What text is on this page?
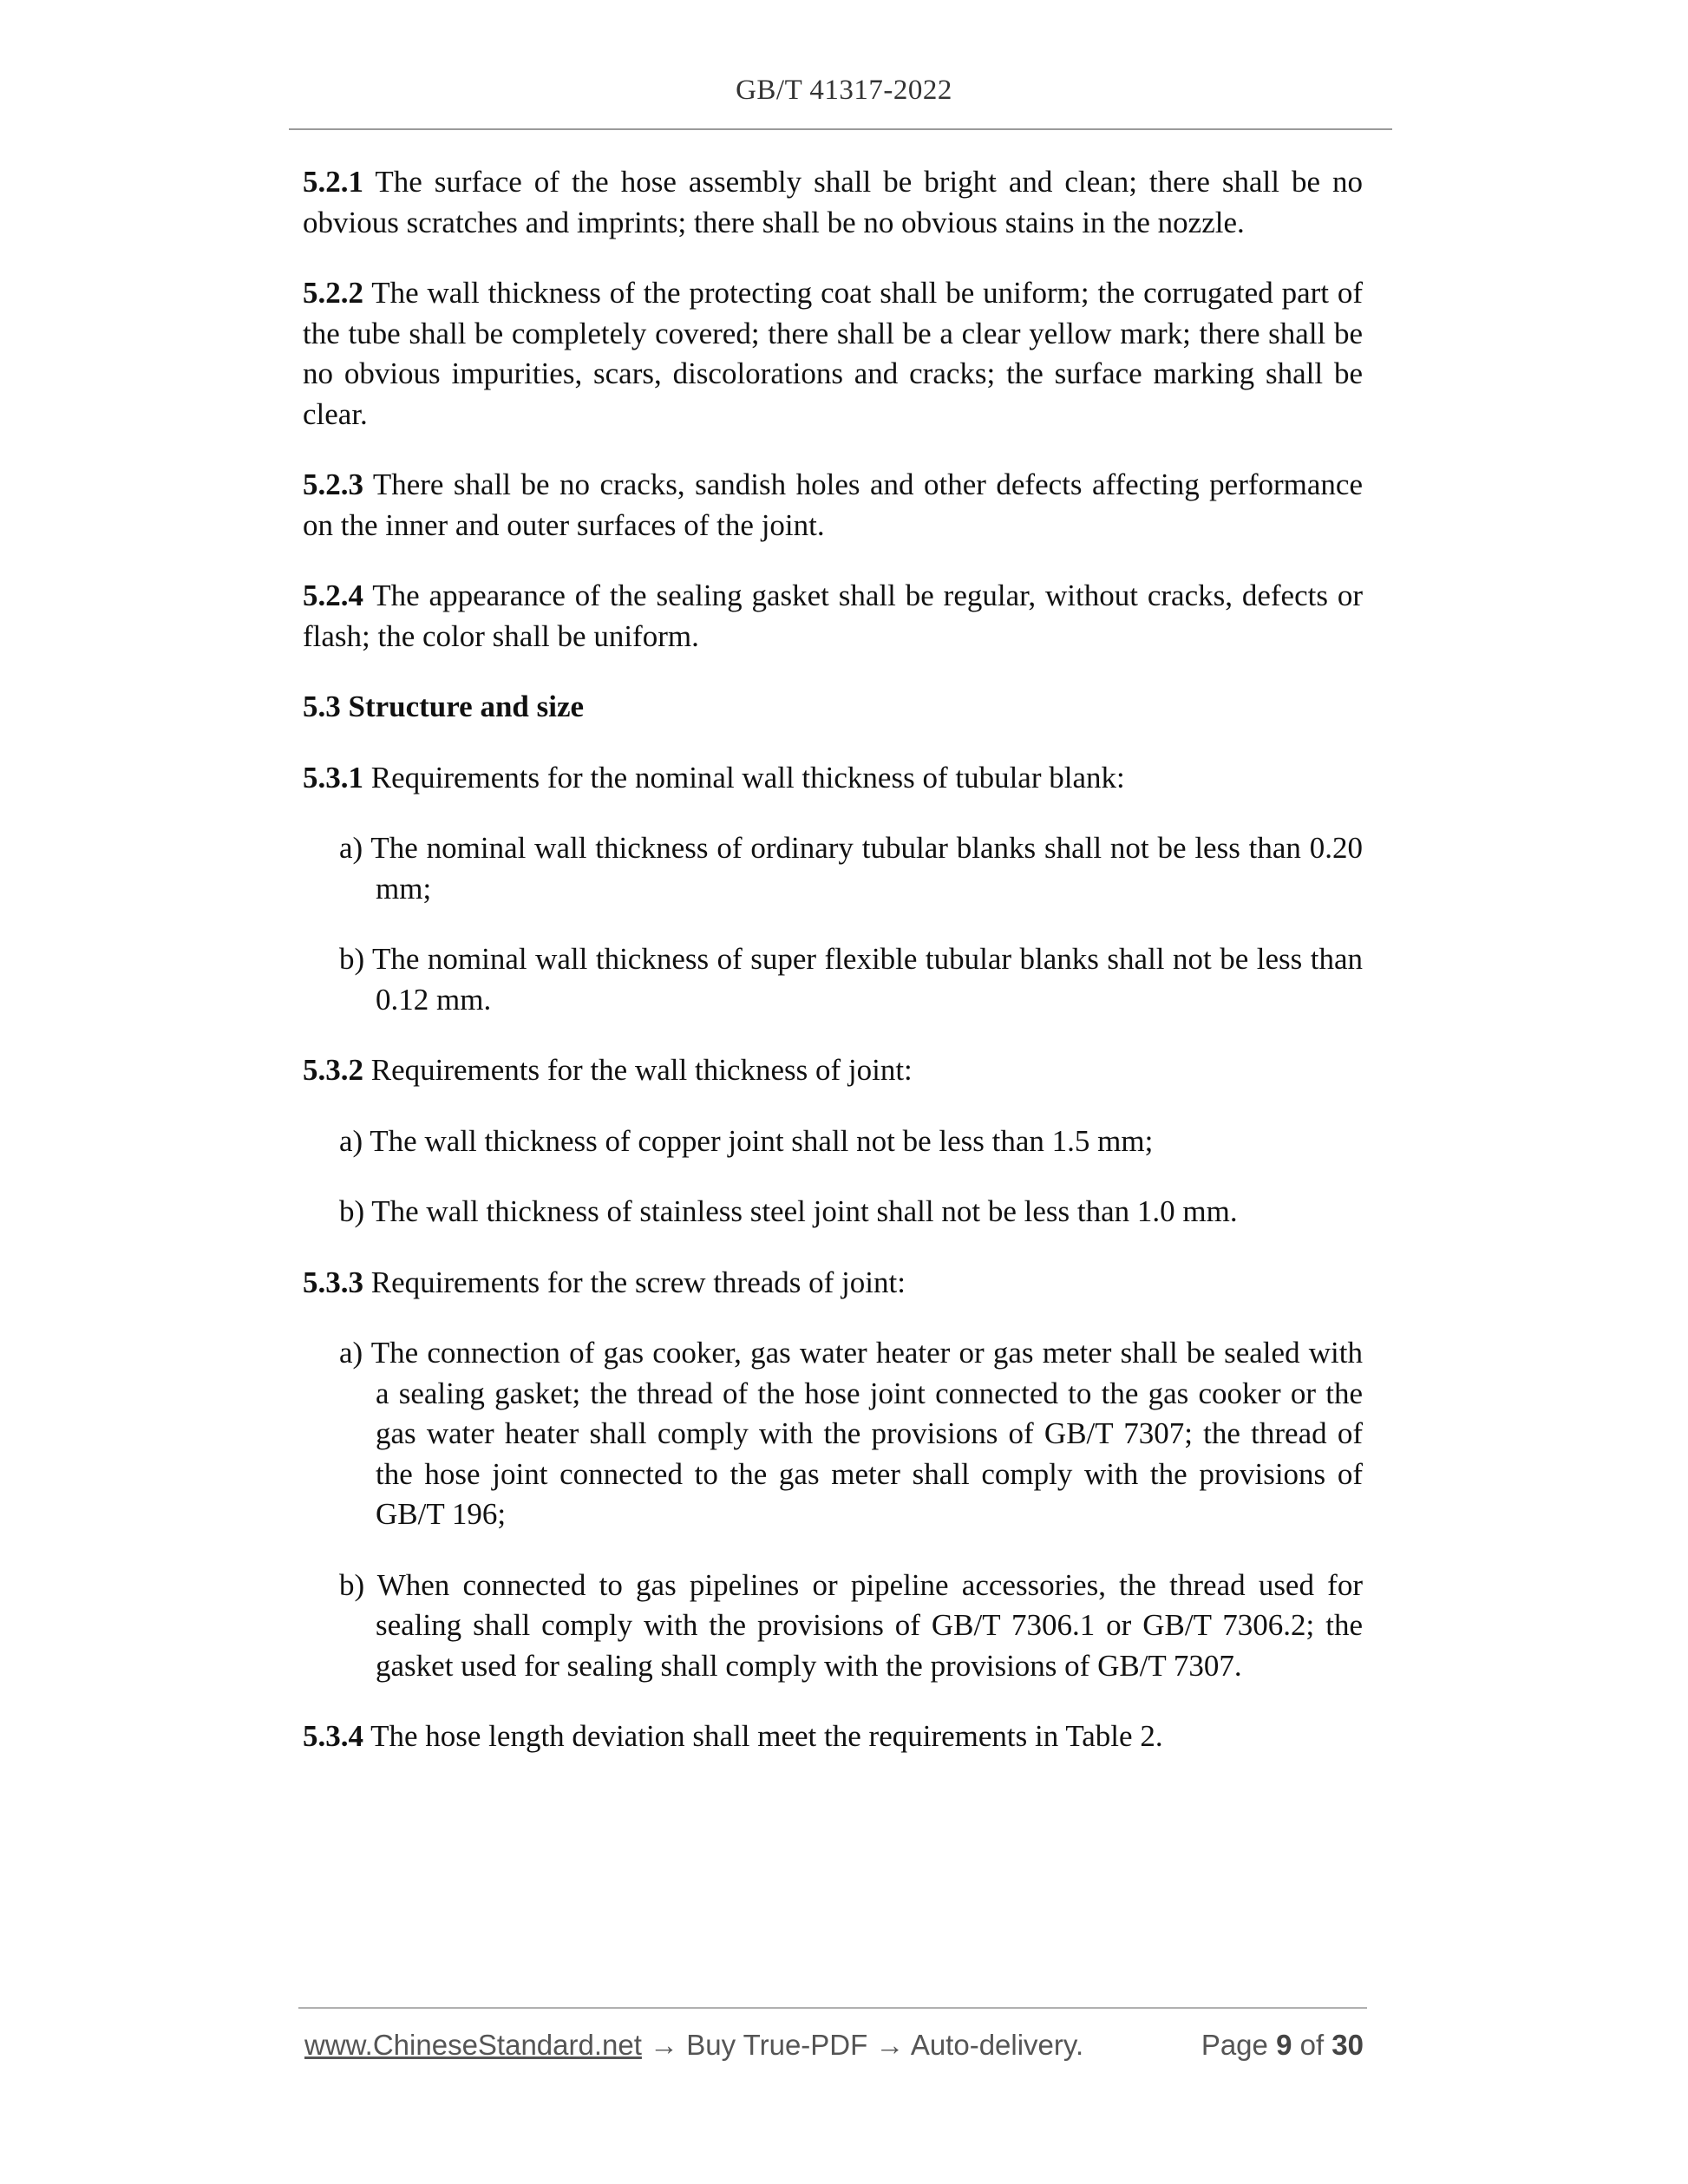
GB/T 41317-2022

5.2.1 The surface of the hose assembly shall be bright and clean; there shall be no obvious scratches and imprints; there shall be no obvious stains in the nozzle.

5.2.2 The wall thickness of the protecting coat shall be uniform; the corrugated part of the tube shall be completely covered; there shall be a clear yellow mark; there shall be no obvious impurities, scars, discolorations and cracks; the surface marking shall be clear.

5.2.3 There shall be no cracks, sandish holes and other defects affecting performance on the inner and outer surfaces of the joint.

5.2.4 The appearance of the sealing gasket shall be regular, without cracks, defects or flash; the color shall be uniform.

5.3 Structure and size

5.3.1 Requirements for the nominal wall thickness of tubular blank:

a) The nominal wall thickness of ordinary tubular blanks shall not be less than 0.20 mm;

b) The nominal wall thickness of super flexible tubular blanks shall not be less than 0.12 mm.

5.3.2 Requirements for the wall thickness of joint:

a) The wall thickness of copper joint shall not be less than 1.5 mm;

b) The wall thickness of stainless steel joint shall not be less than 1.0 mm.

5.3.3 Requirements for the screw threads of joint:

a) The connection of gas cooker, gas water heater or gas meter shall be sealed with a sealing gasket; the thread of the hose joint connected to the gas cooker or the gas water heater shall comply with the provisions of GB/T 7307; the thread of the hose joint connected to the gas meter shall comply with the provisions of GB/T 196;

b) When connected to gas pipelines or pipeline accessories, the thread used for sealing shall comply with the provisions of GB/T 7306.1 or GB/T 7306.2; the gasket used for sealing shall comply with the provisions of GB/T 7307.

5.3.4 The hose length deviation shall meet the requirements in Table 2.

www.ChineseStandard.net → Buy True-PDF → Auto-delivery.	Page 9 of 30
